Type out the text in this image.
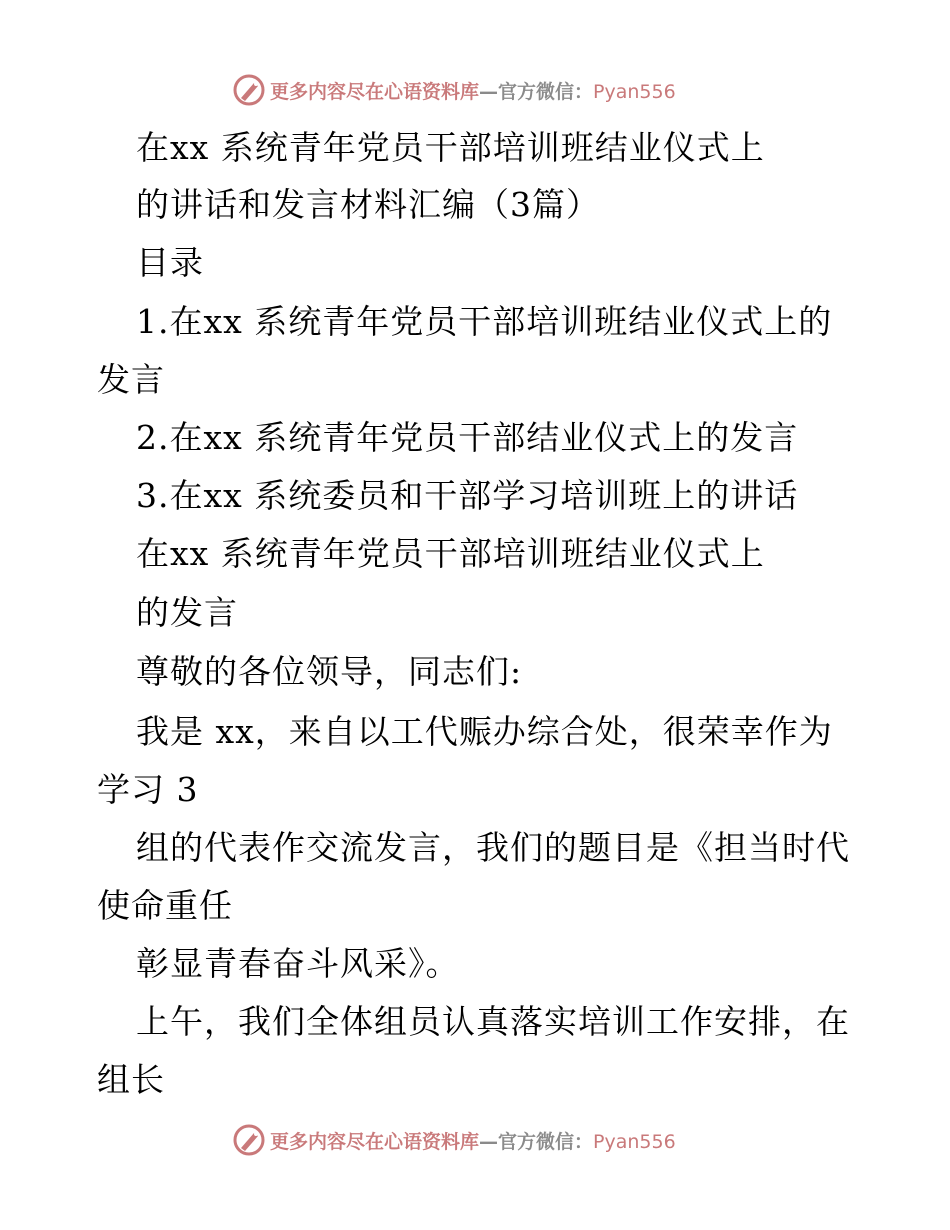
更多内容尽在心语资料库—官方微信：Pyan556
在xx 系统青年党员干部培训班结业仪式上
的讲话和发言材料汇编（3篇）
目录
1.在xx 系统青年党员干部培训班结业仪式上的
发言
2.在xx 系统青年党员干部结业仪式上的发言
3.在xx 系统委员和干部学习培训班上的讲话
在xx 系统青年党员干部培训班结业仪式上
的发言
尊敬的各位领导，同志们:
我是 xx，来自以工代赈办综合处，很荣幸作为
学习 3
组的代表作交流发言，我们的题目是《担当时代
使命重任
彰显青春奋斗风采》。
上午，我们全体组员认真落实培训工作安排，在
组长
更多内容尽在心语资料库—官方微信：Pyan556
